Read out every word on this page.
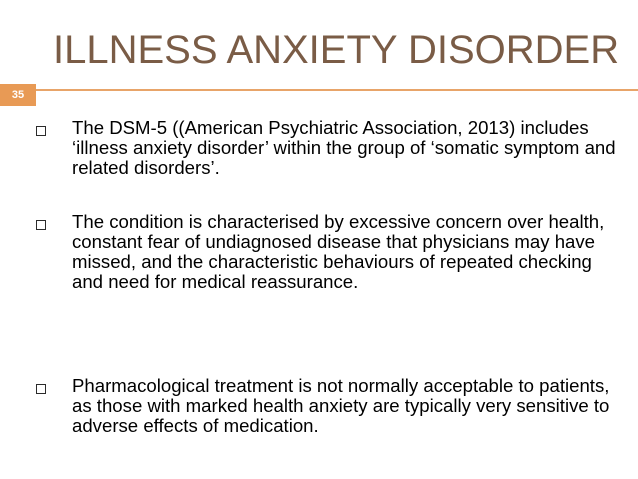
ILLNESS ANXIETY DISORDER
35

The DSM-5 ((American Psychiatric Association, 2013) includes ‘illness anxiety disorder’ within the group of ‘somatic symptom and related disorders’.

The condition is characterised by excessive concern over health, constant fear of undiagnosed disease that physicians may have missed, and the characteristic behaviours of repeated checking and need for medical reassurance.

Pharmacological treatment is not normally acceptable to patients, as those with marked health anxiety are typically very sensitive to adverse effects of medication.
